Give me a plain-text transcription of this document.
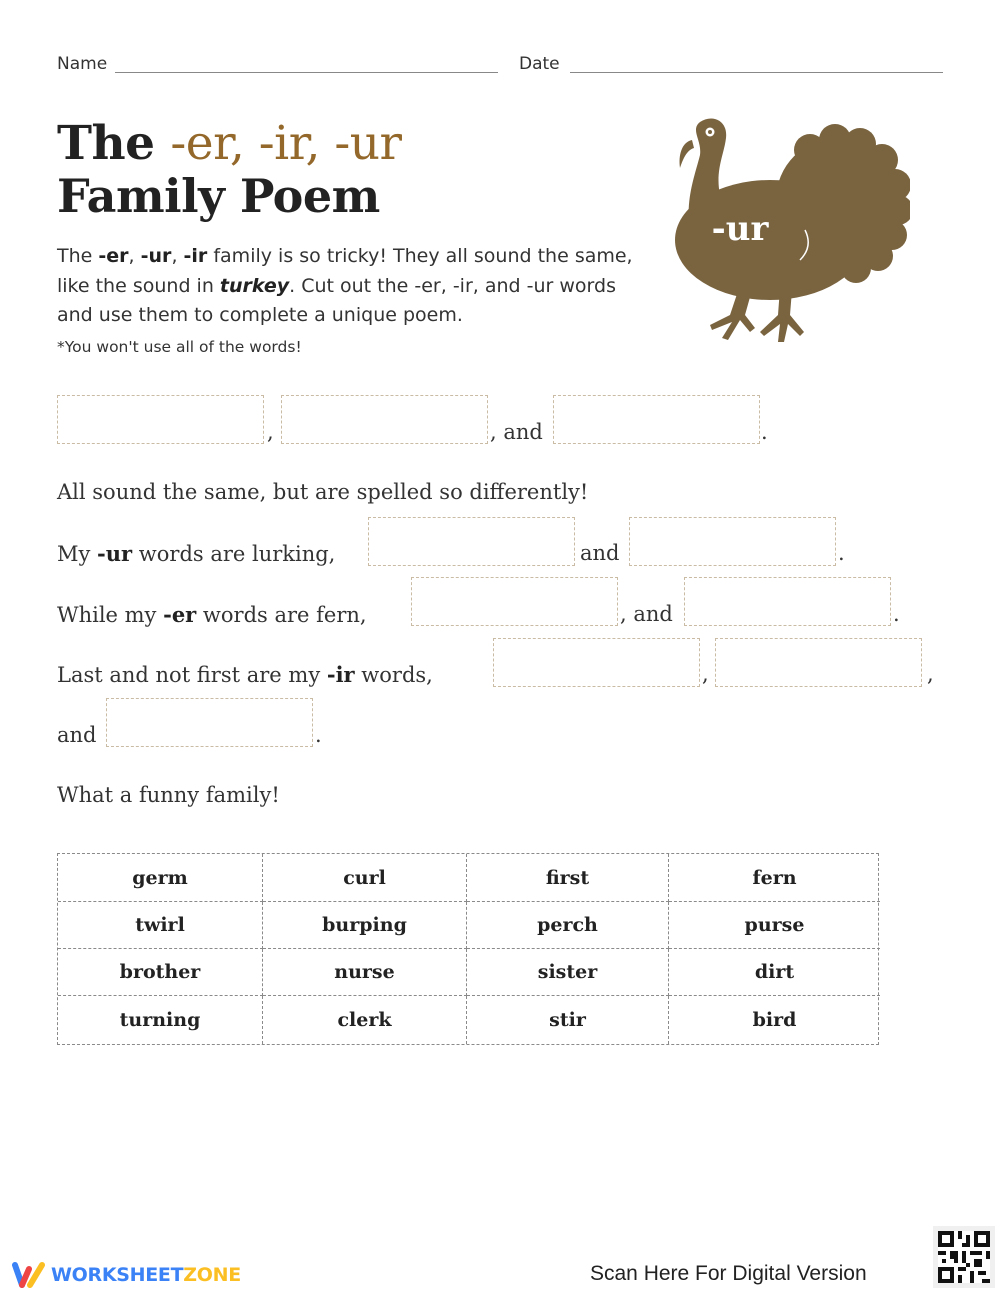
Name	Date
The -er, -ir, -ur
Family Poem
The -er, -ur, -ir family is so tricky! They all sound the same, like the sound in turkey. Cut out the -er, -ir, and -ur words and use them to complete a unique poem.
*You won't use all of the words!
-ur
,	, and	.
All sound the same, but are spelled so differently!
My -ur words are lurking,	and	.
While my -er words are fern,	, and	.
Last and not first are my -ir words,	,	,
and	.
What a funny family!
germ	curl	first	fern
twirl	burping	perch	purse
brother	nurse	sister	dirt
turning	clerk	stir	bird
WORKSHEETZONE	Scan Here For Digital Version
